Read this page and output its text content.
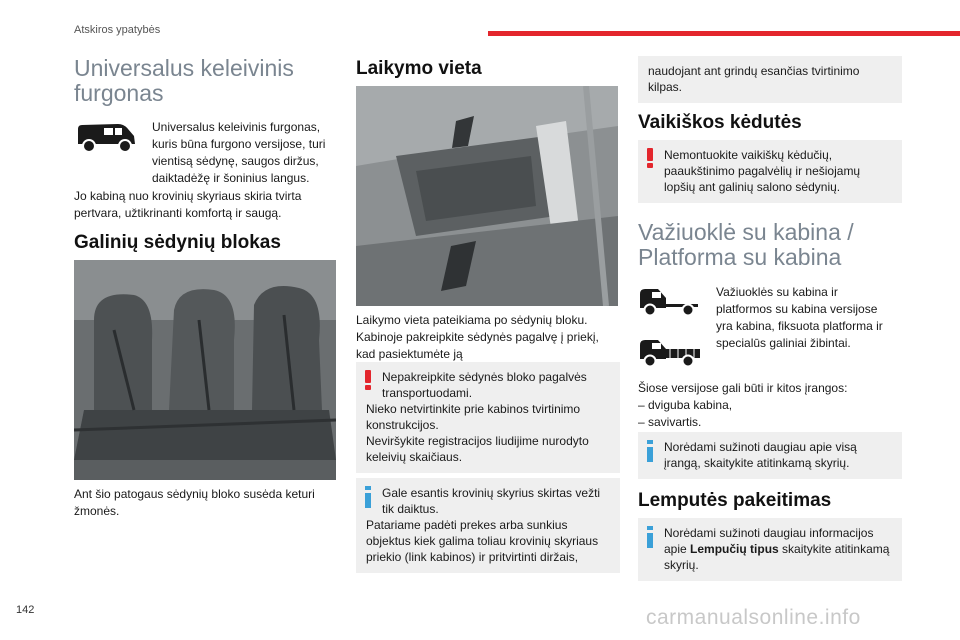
Atskiros ypatybės
Universalus keleivinis furgonas

Universalus keleivinis furgonas, kuris būna furgono versijose, turi vientisą sėdynę, saugos diržus, daiktadėžę ir šoninius langus.

Jo kabiną nuo krovinių skyriaus skiria tvirta pertvara, užtikrinanti komfortą ir saugą.

Galinių sėdynių blokas

Ant šio patogaus sėdynių bloko susėda keturi žmonės.

Laikymo vieta

Laikymo vieta pateikiama po sėdynių bloku. Kabinoje pakreipkite sėdynės pagalvę į priekį, kad pasiektumėte ją

Nepakreipkite sėdynės bloko pagalvės transportuodami.
Nieko netvirtinkite prie kabinos tvirtinimo konstrukcijos.
Neviršykite registracijos liudijime nurodyto keleivių skaičiaus.
Gale esantis krovinių skyrius skirtas vežti tik daiktus.
Patariame padėti prekes arba sunkius objektus kiek galima toliau krovinių skyriaus priekio (link kabinos) ir pritvirtinti diržais,
naudojant ant grindų esančias tvirtinimo kilpas.
Vaikiškos kėdutės
Nemontuokite vaikiškų kėdučių,
paaukštinimo pagalvėlių ir nešiojamų lopšių ant galinių salono sėdynių.
Važiuoklė su kabina / Platforma su kabina

Važiuoklės su kabina ir platformos su kabina versijose yra kabina, fiksuota platforma ir specialūs galiniai žibintai.

Šiose versijose gali būti ir kitos įrangos:

– dviguba kabina,

– savivartis.

Norėdami sužinoti daugiau apie visą įrangą, skaitykite atitinkamą skyrių.
Lemputės pakeitimas
Norėdami sužinoti daugiau informacijos apie Lempučių tipus skaitykite atitinkamą skyrių.
142	carmanualsonline.info
